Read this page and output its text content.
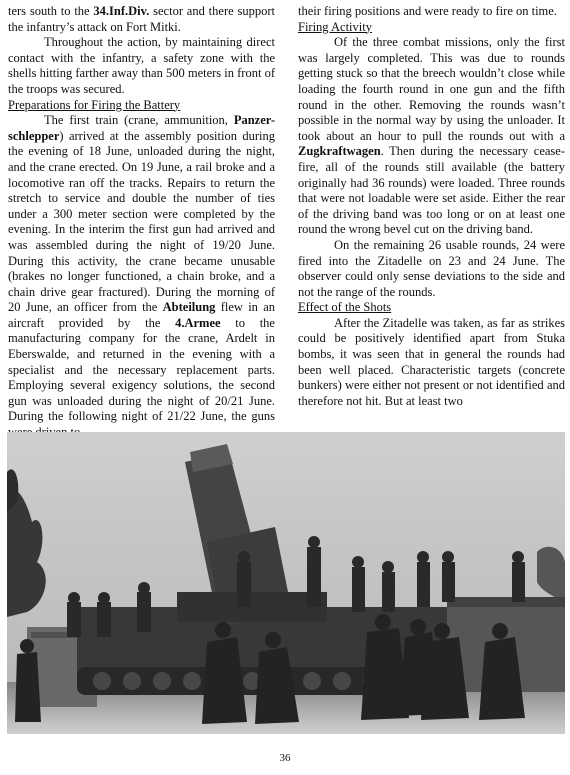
ters south to the 34.Inf.Div. sector and there support the infantry’s attack on Fort Mitki.

Throughout the action, by maintaining direct contact with the infantry, a safety zone with the shells hitting farther away than 500 meters in front of the troops was secured.

Preparations for Firing the Battery

The first train (crane, ammunition, Panzer-schlepper) arrived at the assembly position during the evening of 18 June, unloaded during the night, and the crane erected. On 19 June, a rail broke and a locomotive ran off the tracks. Repairs to return the stretch to service and double the number of ties under a 300 meter section were completed by the evening. In the interim the first gun had arrived and was assembled during the night of 19/20 June. During this activity, the crane became unusable (brakes no longer functioned, a chain broke, and a chain drive gear fractured). During the morning of 20 June, an officer from the Abteilung flew in an aircraft provided by the 4.Armee to the manufacturing company for the crane, Ardelt in Eberswalde, and returned in the evening with a specialist and the necessary replacement parts. Employing several exigency solutions, the second gun was unloaded during the night of 20/21 June. During the following night of 21/22 June, the guns

their firing positions and were ready to fire on time.

Firing Activity

Of the three combat missions, only the first was largely completed. This was due to rounds getting stuck so that the breech wouldn’t close while loading the fourth round in one gun and the fifth round in the other. Removing the rounds wasn’t possible in the normal way by using the unloader. It took about an hour to pull the rounds out with a Zugkraftwagen. Then during the necessary cease-fire, all of the rounds still available (the battery originally had 36 rounds) were loaded. Three rounds that were not loadable were set aside. Either the rear of the driving band was too long or on at least one round the wrong bevel cut on the driving band.

On the remaining 26 usable rounds, 24 were fired into the Zitadelle on 23 and 24 June. The observer could only sense deviations to the side and not the range of the rounds.

Effect of the Shots

After the Zitadelle was taken, as far as strikes could be positively identified apart from Stuka bombs, it was seen that in general the rounds had been well placed. Characteristic targets (concrete bunkers) were either not present or not identified and therefore not hit. But at least two

36
